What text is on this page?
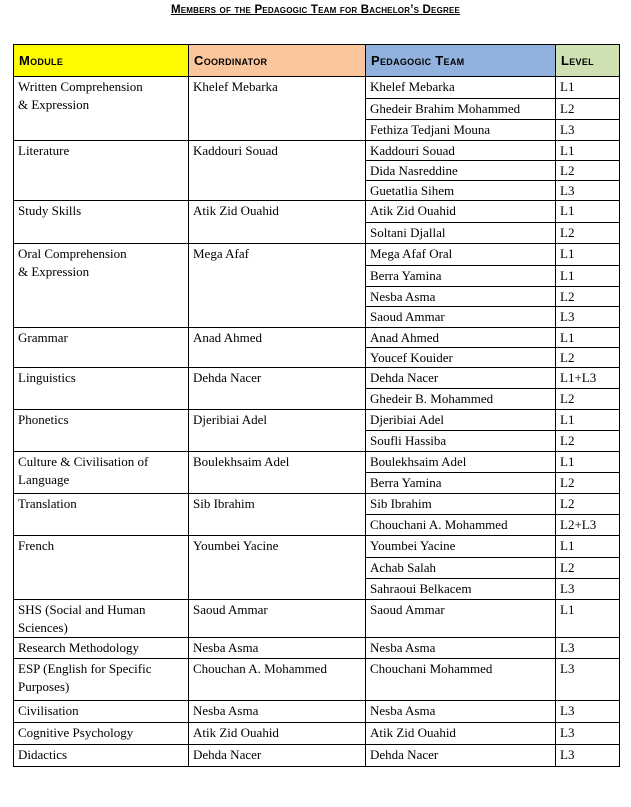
Members of the Pedagogic Team for Bachelor’s Degree
Module	Coordinator	Pedagogic Team	Level

Written Comprehension
& Expression	Khelef Mebarka	Khelef Mebarka	L1
		Ghedeir Brahim Mohammed	L2
		Fethiza Tedjani Mouna	L3

Literature	Kaddouri Souad	Kaddouri Souad	L1
		Dida Nasreddine	L2
		Guetatlia Sihem	L3

Study Skills	Atik Zid Ouahid	Atik Zid Ouahid	L1
		Soltani Djallal	L2

Oral Comprehension
& Expression	Mega Afaf	Mega Afaf Oral	L1
		Berra Yamina	L1
		Nesba Asma	L2
		Saoud Ammar	L3

Grammar	Anad Ahmed	Anad Ahmed	L1
		Youcef Kouider	L2

Linguistics	Dehda Nacer	Dehda Nacer	L1+L3
		Ghedeir B. Mohammed	L2

Phonetics	Djeribiai Adel	Djeribiai Adel	L1
		Soufli Hassiba	L2

Culture & Civilisation of
Language	Boulekhsaim Adel	Boulekhsaim Adel	L1
		Berra Yamina	L2

Translation	Sib Ibrahim	Sib Ibrahim	L2
		Chouchani A. Mohammed	L2+L3

French	Youmbei Yacine	Youmbei Yacine	L1
		Achab Salah	L2
		Sahraoui Belkacem	L3

SHS (Social and Human
Sciences)	Saoud Ammar	Saoud Ammar	L1

Research Methodology	Nesba Asma	Nesba Asma	L3

ESP (English for Specific
Purposes)	Chouchan A. Mohammed	Chouchani Mohammed	L3

Civilisation	Nesba Asma	Nesba Asma	L3

Cognitive Psychology	Atik Zid Ouahid	Atik Zid Ouahid	L3

Didactics	Dehda Nacer	Dehda Nacer	L3
